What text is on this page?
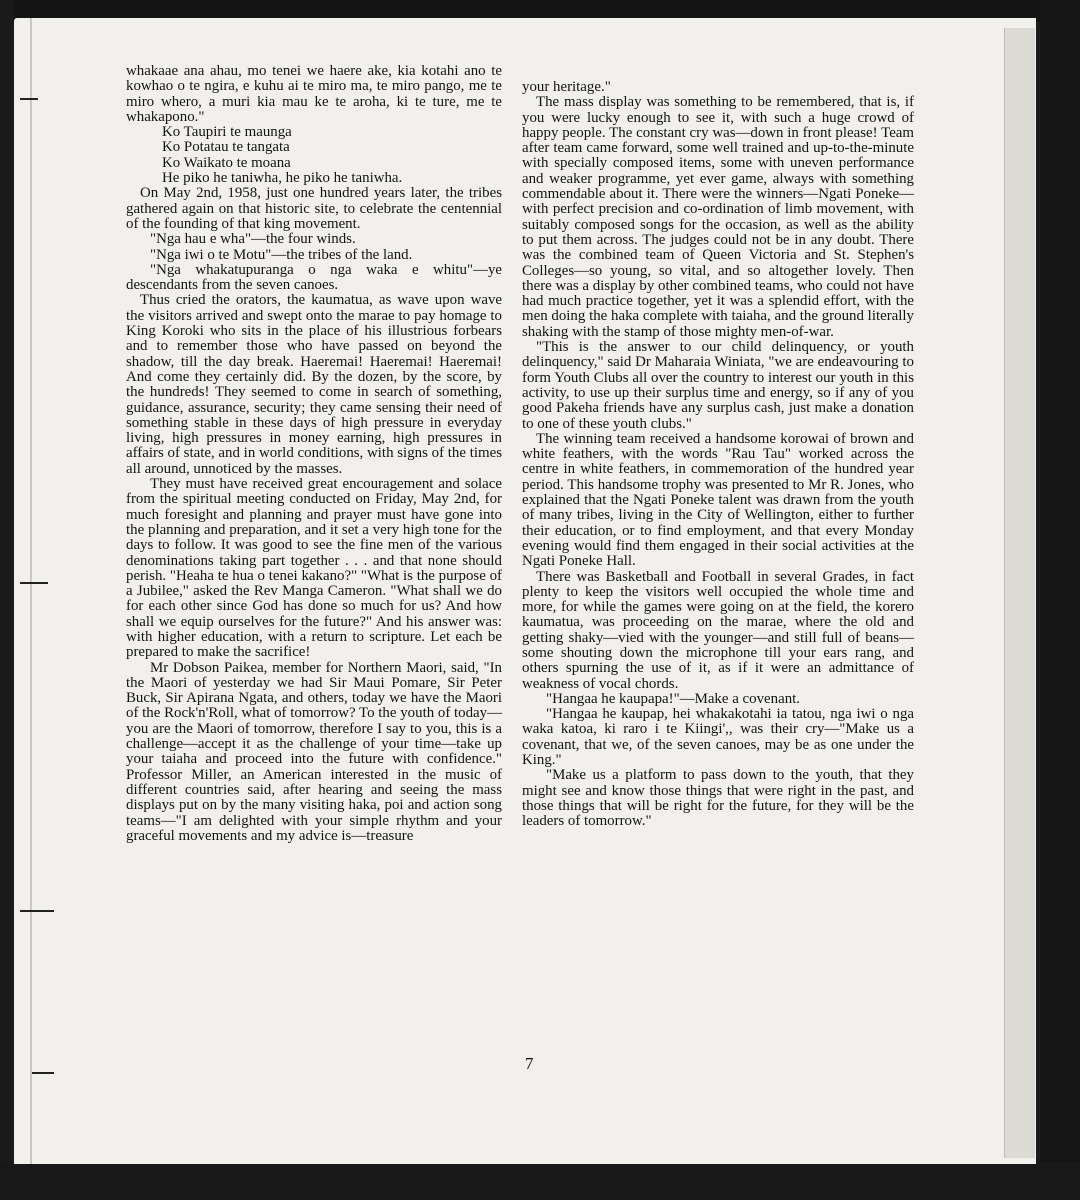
whakaae ana ahau, mo tenei we haere ake, kia kotahi ano te kowhao o te ngira, e kuhu ai te miro ma, te miro pango, me te miro whero, a muri kia mau ke te aroha, ki te ture, me te whakapono."

Ko Taupiri te maunga

Ko Potatau te tangata

Ko Waikato te moana

He piko he taniwha, he piko he taniwha.

On May 2nd, 1958, just one hundred years later, the tribes gathered again on that historic site, to celebrate the centennial of the founding of that king movement.

"Nga hau e wha"—the four winds.

"Nga iwi o te Motu"—the tribes of the land.

"Nga whakatupuranga o nga waka e whitu"—ye descendants from the seven canoes.

Thus cried the orators, the kaumatua, as wave upon wave the visitors arrived and swept onto the marae to pay homage to King Koroki who sits in the place of his illustrious forbears and to remember those who have passed on beyond the shadow, till the day break. Haeremai! Haeremai! Haeremai! And come they certainly did. By the dozen, by the score, by the hundreds! They seemed to come in search of something, guidance, assurance, security; they came sensing their need of something stable in these days of high pressure in everyday living, high pressures in money earning, high pressures in affairs of state, and in world conditions, with signs of the times all around, unnoticed by the masses.

They must have received great encouragement and solace from the spiritual meeting conducted on Friday, May 2nd, for much foresight and planning and prayer must have gone into the planning and preparation, and it set a very high tone for the days to follow. It was good to see the fine men of the various denominations taking part together . . . and that none should perish. "Heaha te hua o tenei kakano?" "What is the purpose of a Jubilee," asked the Rev Manga Cameron. "What shall we do for each other since God has done so much for us? And how shall we equip ourselves for the future?" And his answer was: with higher education, with a return to scripture. Let each be prepared to make the sacrifice!

Mr Dobson Paikea, member for Northern Maori, said, "In the Maori of yesterday we had Sir Maui Pomare, Sir Peter Buck, Sir Apirana Ngata, and others, today we have the Maori of the Rock'n'Roll, what of tomorrow? To the youth of today—you are the Maori of tomorrow, therefore I say to you, this is a challenge—accept it as the challenge of your time—take up your taiaha and proceed into the future with confidence." Professor Miller, an American interested in the music of different countries said, after hearing and seeing the mass displays put on by the many visiting haka, poi and action song teams—"I am delighted with your simple rhythm and your graceful movements and my advice is—treasure

your heritage."

The mass display was something to be remembered, that is, if you were lucky enough to see it, with such a huge crowd of happy people. The constant cry was—down in front please! Team after team came forward, some well trained and up-to-the-minute with specially composed items, some with uneven performance and weaker programme, yet ever game, always with something commendable about it. There were the winners—Ngati Poneke—with perfect precision and co-ordination of limb movement, with suitably composed songs for the occasion, as well as the ability to put them across. The judges could not be in any doubt. There was the combined team of Queen Victoria and St. Stephen's Colleges—so young, so vital, and so altogether lovely. Then there was a display by other combined teams, who could not have had much practice together, yet it was a splendid effort, with the men doing the haka complete with taiaha, and the ground literally shaking with the stamp of those mighty men-of-war.

"This is the answer to our child delinquency, or youth delinquency," said Dr Maharaia Winiata, "we are endeavouring to form Youth Clubs all over the country to interest our youth in this activity, to use up their surplus time and energy, so if any of you good Pakeha friends have any surplus cash, just make a donation to one of these youth clubs."

The winning team received a handsome korowai of brown and white feathers, with the words "Rau Tau" worked across the centre in white feathers, in commemoration of the hundred year period. This handsome trophy was presented to Mr R. Jones, who explained that the Ngati Poneke talent was drawn from the youth of many tribes, living in the City of Wellington, either to further their education, or to find employment, and that every Monday evening would find them engaged in their social activities at the Ngati Poneke Hall.

There was Basketball and Football in several Grades, in fact plenty to keep the visitors well occupied the whole time and more, for while the games were going on at the field, the korero kaumatua, was proceeding on the marae, where the old and getting shaky—vied with the younger—and still full of beans—some shouting down the microphone till your ears rang, and others spurning the use of it, as if it were an admittance of weakness of vocal chords.

"Hangaa he kaupapa!"—Make a covenant.

"Hangaa he kaupap, hei whakakotahi ia tatou, nga iwi o nga waka katoa, ki raro i te Kiingi',, was their cry—"Make us a covenant, that we, of the seven canoes, may be as one under the King."

"Make us a platform to pass down to the youth, that they might see and know those things that were right in the past, and those things that will be right for the future, for they will be the leaders of tomorrow."

7
